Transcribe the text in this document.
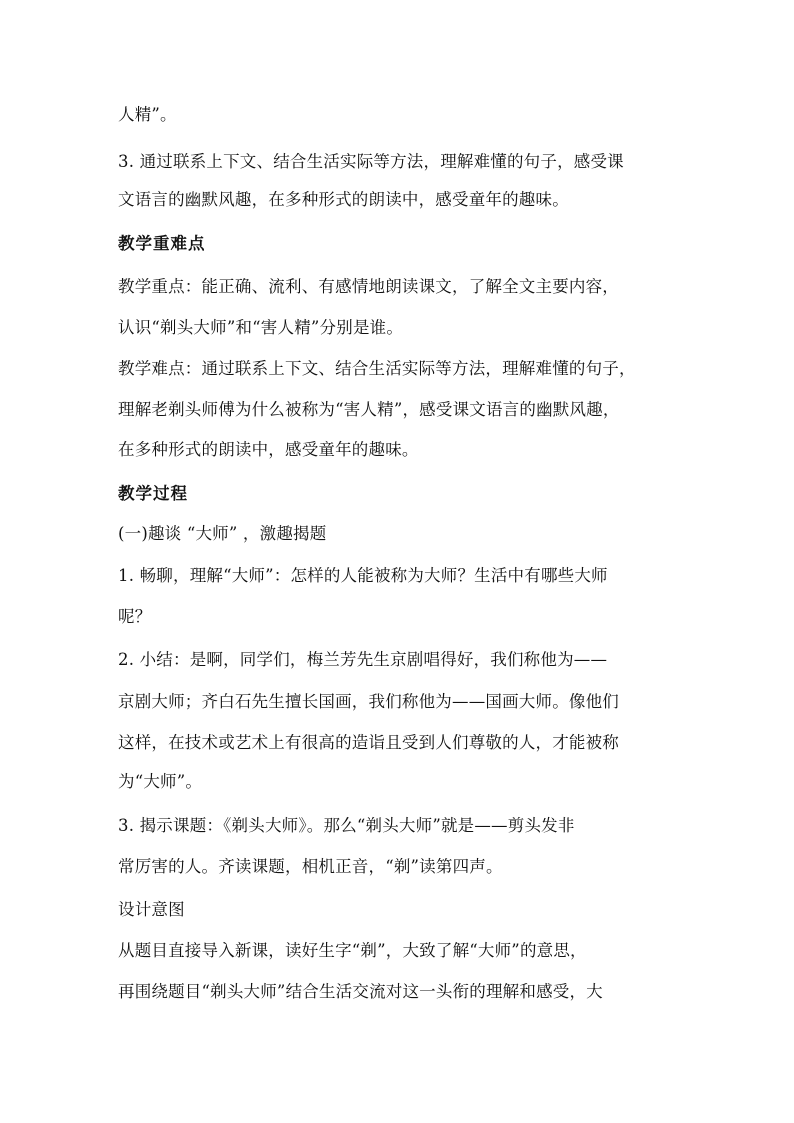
人精”。
3. 通过联系上下文、结合生活实际等方法，理解难懂的句子，感受课
文语言的幽默风趣，在多种形式的朗读中，感受童年的趣味。
教学重难点
教学重点：能正确、流利、有感情地朗读课文，了解全文主要内容，
认识“剃头大师”和“害人精”分别是谁。
教学难点：通过联系上下文、结合生活实际等方法，理解难懂的句子，
理解老剃头师傅为什么被称为“害人精”，感受课文语言的幽默风趣，
在多种形式的朗读中，感受童年的趣味。
教学过程
(一)趣谈 “大师” ，激趣揭题
1. 畅聊，理解“大师”：怎样的人能被称为大师？生活中有哪些大师
呢？
2. 小结：是啊，同学们，梅兰芳先生京剧唱得好，我们称他为——
京剧大师；齐白石先生擅长国画，我们称他为——国画大师。像他们
这样，在技术或艺术上有很高的造诣且受到人们尊敬的人，才能被称
为“大师”。
3. 揭示课题：《剃头大师》。那么“剃头大师”就是——剪头发非
常厉害的人。齐读课题，相机正音，“剃”读第四声。
设计意图
从题目直接导入新课，读好生字“剃”，大致了解“大师”的意思，
再围绕题目“剃头大师”结合生活交流对这一头衔的理解和感受，大
